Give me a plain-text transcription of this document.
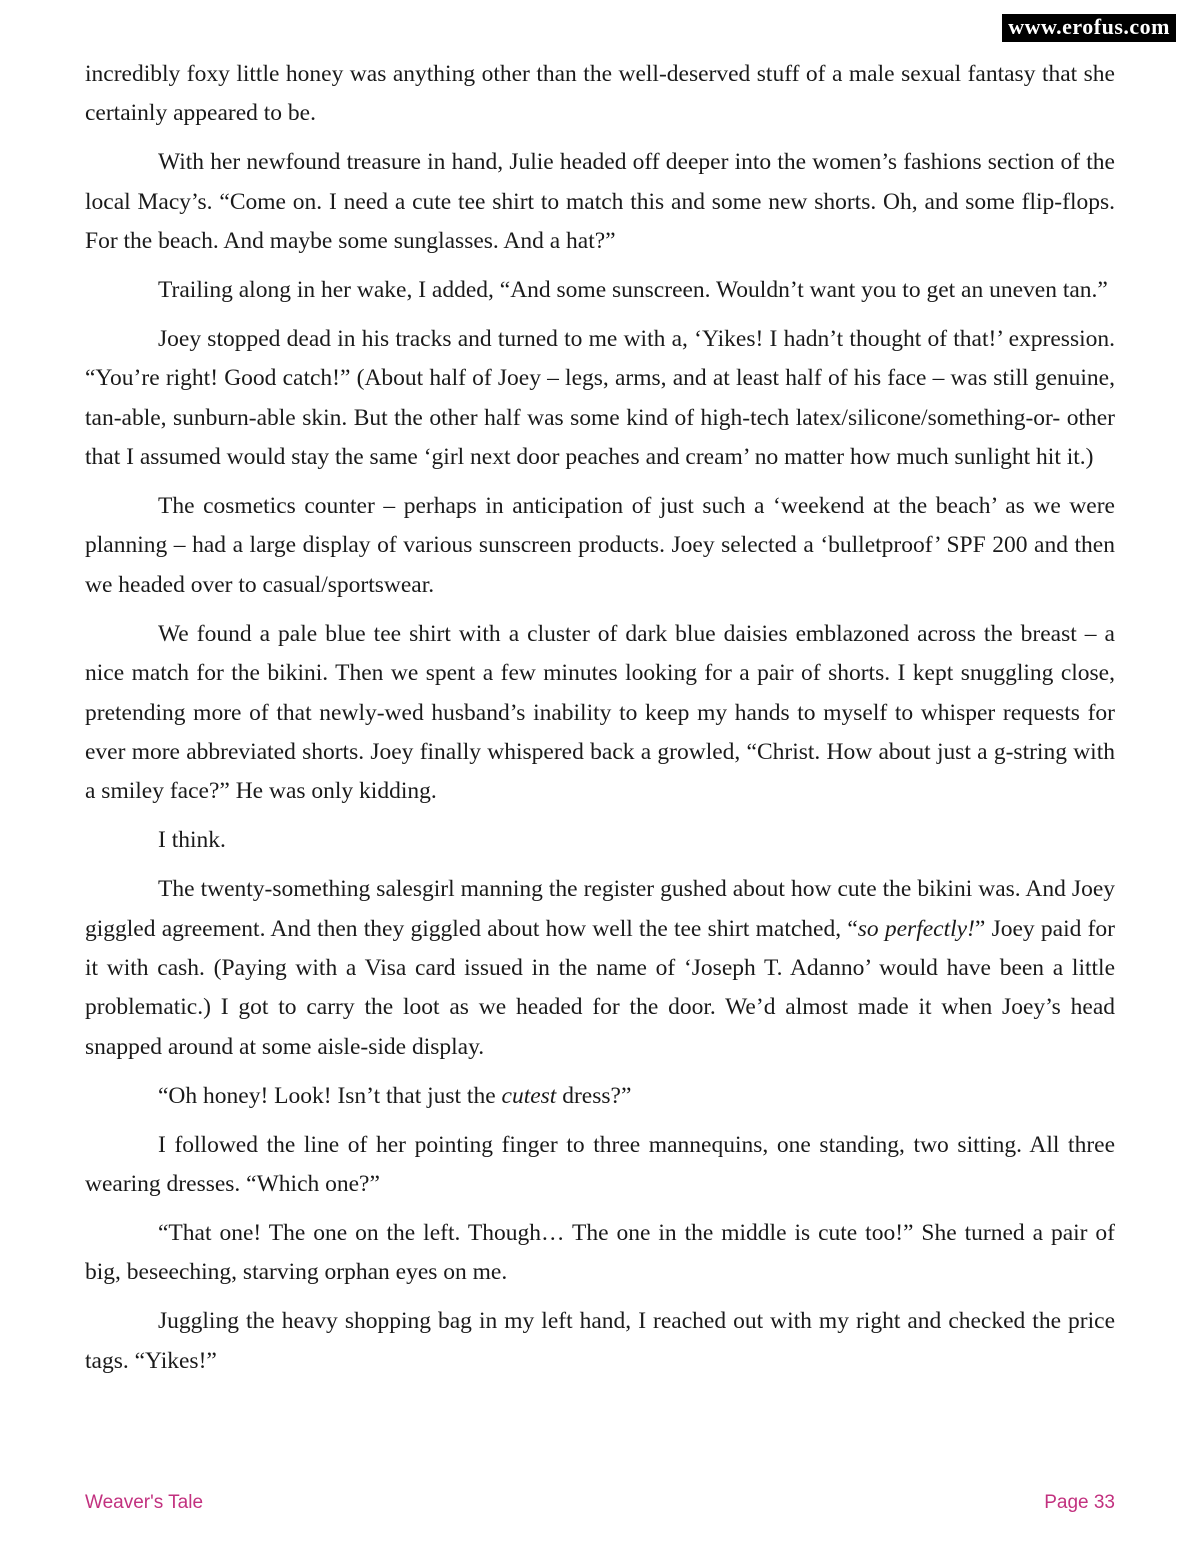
www.erofus.com

incredibly foxy little honey was anything other than the well-deserved stuff of a male sexual fantasy that she certainly appeared to be.

With her newfound treasure in hand, Julie headed off deeper into the women’s fashions section of the local Macy’s. “Come on. I need a cute tee shirt to match this and some new shorts. Oh, and some flip-flops. For the beach. And maybe some sunglasses. And a hat?”

Trailing along in her wake, I added, “And some sunscreen. Wouldn’t want you to get an uneven tan.”

Joey stopped dead in his tracks and turned to me with a, ‘Yikes! I hadn’t thought of that!’ expression. “You’re right! Good catch!” (About half of Joey – legs, arms, and at least half of his face – was still genuine, tan-able, sunburn-able skin. But the other half was some kind of high-tech latex/silicone/something-or- other that I assumed would stay the same ‘girl next door peaches and cream’ no matter how much sunlight hit it.)

The cosmetics counter – perhaps in anticipation of just such a ‘weekend at the beach’ as we were planning – had a large display of various sunscreen products. Joey selected a ‘bulletproof’ SPF 200 and then we headed over to casual/sportswear.

We found a pale blue tee shirt with a cluster of dark blue daisies emblazoned across the breast – a nice match for the bikini. Then we spent a few minutes looking for a pair of shorts. I kept snuggling close, pretending more of that newly-wed husband’s inability to keep my hands to myself to whisper requests for ever more abbreviated shorts. Joey finally whispered back a growled, “Christ. How about just a g-string with a smiley face?” He was only kidding.

I think.

The twenty-something salesgirl manning the register gushed about how cute the bikini was. And Joey giggled agreement. And then they giggled about how well the tee shirt matched, “so perfectly!” Joey paid for it with cash. (Paying with a Visa card issued in the name of ‘Joseph T. Adanno’ would have been a little problematic.) I got to carry the loot as we headed for the door. We’d almost made it when Joey’s head snapped around at some aisle-side display.

“Oh honey! Look! Isn’t that just the cutest dress?”

I followed the line of her pointing finger to three mannequins, one standing, two sitting. All three wearing dresses. “Which one?”

“That one! The one on the left. Though… The one in the middle is cute too!” She turned a pair of big, beseeching, starving orphan eyes on me.

Juggling the heavy shopping bag in my left hand, I reached out with my right and checked the price tags. “Yikes!”

Weaver's Tale	Page 33
